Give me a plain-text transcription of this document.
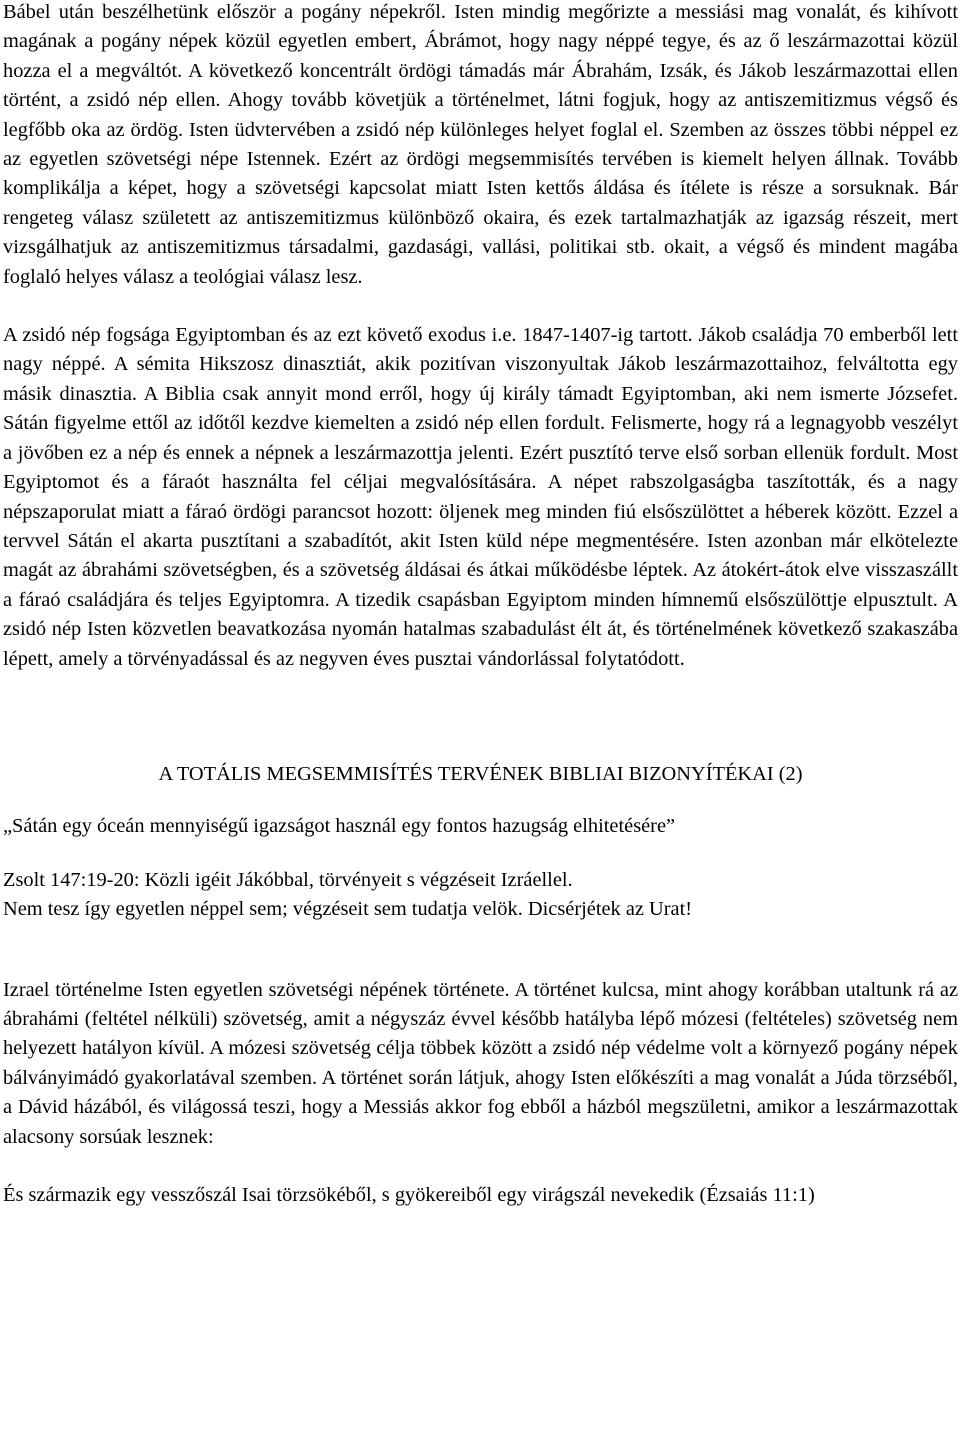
Bábel után beszélhetünk először a pogány népekről. Isten mindig megőrizte a messiási mag vonalát, és kihívott magának a pogány népek közül egyetlen embert, Ábrámot, hogy nagy néppé tegye, és az ő leszármazottai közül hozza el a megváltót. A következő koncentrált ördögi támadás már Ábrahám, Izsák, és Jákob leszármazottai ellen történt, a zsidó nép ellen. Ahogy tovább követjük a történelmet, látni fogjuk, hogy az antiszemitizmus végső és legfőbb oka az ördög. Isten üdvtervében a zsidó nép különleges helyet foglal el. Szemben az összes többi néppel ez az egyetlen szövetségi népe Istennek. Ezért az ördögi megsemmisítés tervében is kiemelt helyen állnak. Tovább komplikálja a képet, hogy a szövetségi kapcsolat miatt Isten kettős áldása és ítélete is része a sorsuknak. Bár rengeteg válasz született az antiszemitizmus különböző okaira, és ezek tartalmazhatják az igazság részeit, mert vizsgálhatjuk az antiszemitizmus társadalmi, gazdasági, vallási, politikai stb. okait, a végső és mindent magába foglaló helyes válasz a teológiai válasz lesz.

A zsidó nép fogsága Egyiptomban és az ezt követő exodus i.e. 1847-1407-ig tartott. Jákob családja 70 emberből lett nagy néppé. A sémita Hikszosz dinasztiát, akik pozitívan viszonyultak Jákob leszármazottaihoz, felváltotta egy másik dinasztia. A Biblia csak annyit mond erről, hogy új király támadt Egyiptomban, aki nem ismerte Józsefet. Sátán figyelme ettől az időtől kezdve kiemelten a zsidó nép ellen fordult. Felismerte, hogy rá a legnagyobb veszélyt a jövőben ez a nép és ennek a népnek a leszármazottja jelenti. Ezért pusztító terve első sorban ellenük fordult. Most Egyiptomot és a fáraót használta fel céljai megvalósítására. A népet rabszolgaságba taszították, és a nagy népszaporulat miatt a fáraó ördögi parancsot hozott: öljenek meg minden fiú elsőszülöttet a héberek között. Ezzel a tervvel Sátán el akarta pusztítani a szabadítót, akit Isten küld népe megmentésére. Isten azonban már elkötelezte magát az ábrahámi szövetségben, és a szövetség áldásai és átkai működésbe léptek. Az átokért-átok elve visszaszállt a fáraó családjára és teljes Egyiptomra. A tizedik csapásban Egyiptom minden hímnemű elsőszülöttje elpusztult. A zsidó nép Isten közvetlen beavatkozása nyomán hatalmas szabadulást élt át, és történelmének következő szakaszába lépett, amely a törvényadással és az negyven éves pusztai vándorlással folytatódott.

A TOTÁLIS MEGSEMMISÍTÉS TERVÉNEK BIBLIAI BIZONYÍTÉKAI (2)

„Sátán egy óceán mennyiségű igazságot használ egy fontos hazugság elhitetésére”

Zsolt 147:19-20: Közli igéit Jákóbbal, törvényeit s végzéseit Izráellel.

Nem tesz így egyetlen néppel sem; végzéseit sem tudatja velök. Dicsérjétek az Urat!

Izrael történelme Isten egyetlen szövetségi népének története. A történet kulcsa, mint ahogy korábban utaltunk rá az ábrahámi (feltétel nélküli) szövetség, amit a négyszáz évvel később hatályba lépő mózesi (feltételes) szövetség nem helyezett hatályon kívül. A mózesi szövetség célja többek között a zsidó nép védelme volt a környező pogány népek bálványimádó gyakorlatával szemben. A történet során látjuk, ahogy Isten előkészíti a mag vonalát a Júda törzséből, a Dávid házából, és világossá teszi, hogy a Messiás akkor fog ebből a házból megszületni, amikor a leszármazottak alacsony sorsúak lesznek:

És származik egy vesszőszál Isai törzsökéből, s gyökereiből egy virágszál nevekedik (Ézsaiás 11:1)
